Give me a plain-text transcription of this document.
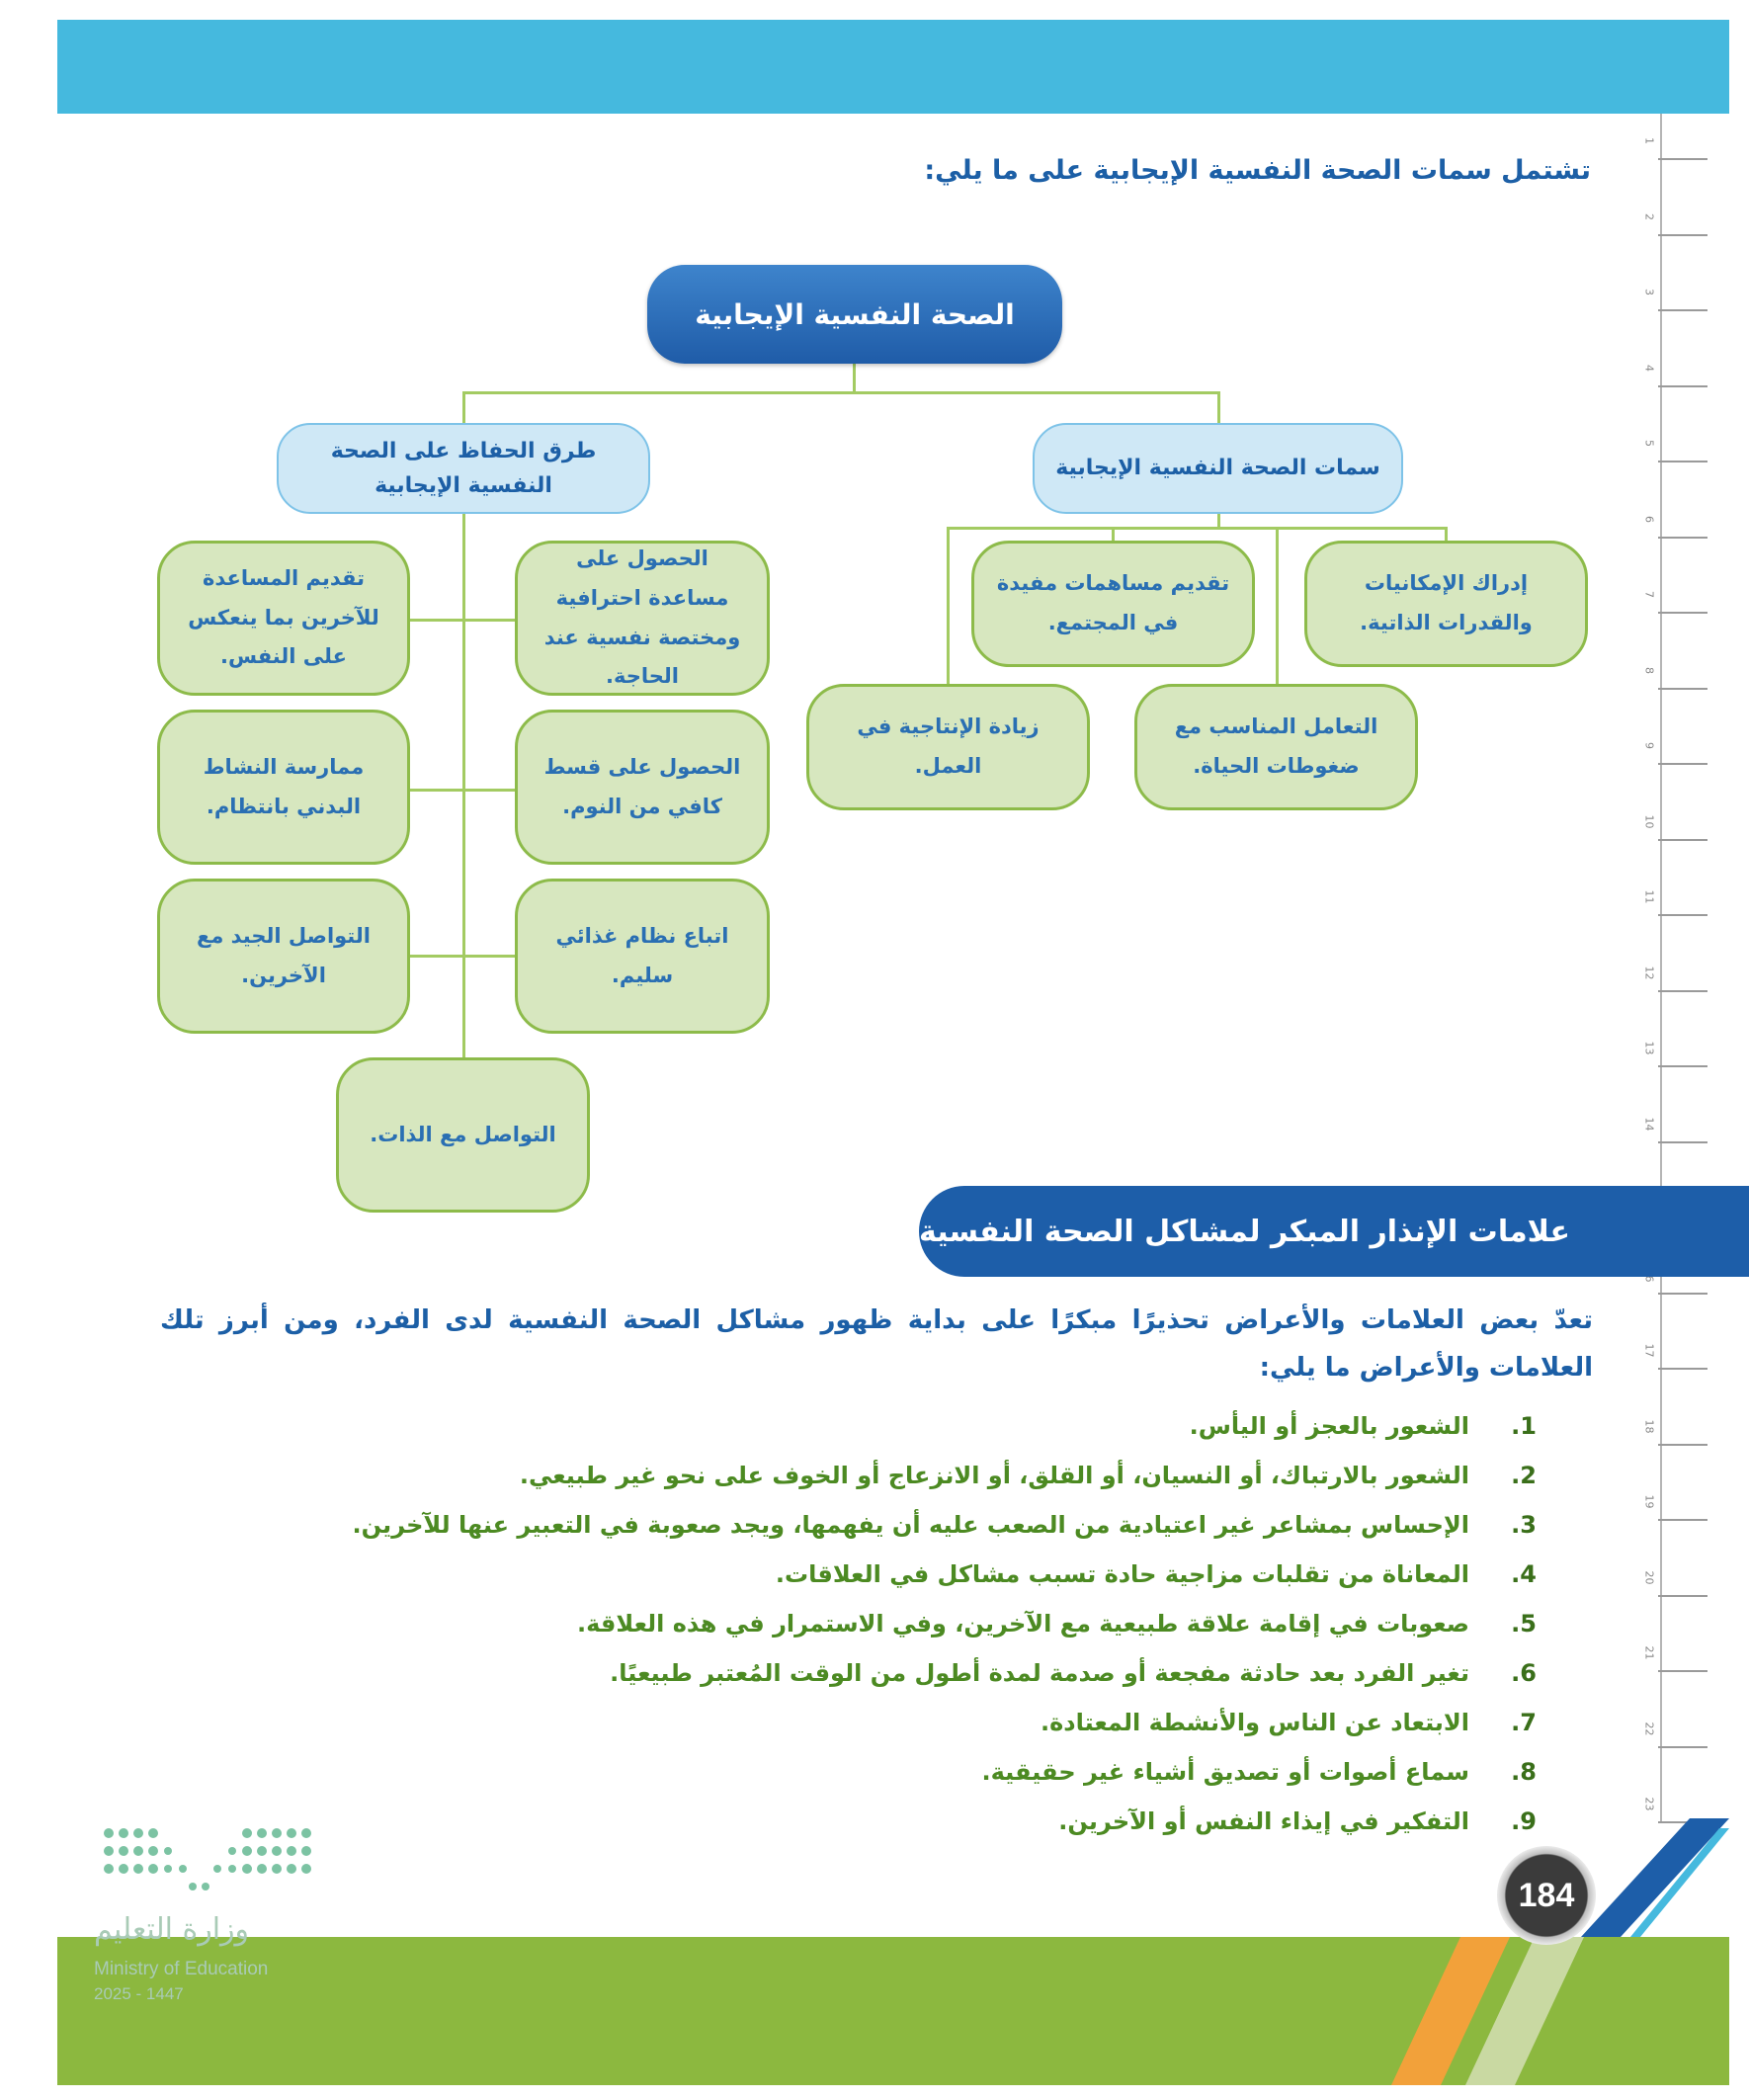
1
2
3
4
5
6
7
8
9
10
11
12
13
14
17
18
19
20
21
22
23
تشتمل سمات الصحة النفسية الإيجابية على ما يلي:
الصحة النفسية الإيجابية
سمات الصحة النفسية الإيجابية
طرق الحفاظ على الصحة النفسية الإيجابية
إدراك الإمكانيات والقدرات الذاتية.
تقديم مساهمات مفيدة في المجتمع.
التعامل المناسب مع ضغوطات الحياة.
زيادة الإنتاجية في العمل.
الحصول على مساعدة احترافية ومختصة نفسية عند الحاجة.
تقديم المساعدة للآخرين بما ينعكس على النفس.
الحصول على قسط كافي من النوم.
ممارسة النشاط البدني بانتظام.
اتباع نظام غذائي سليم.
التواصل الجيد مع الآخرين.
التواصل مع الذات.
علامات الإنذار المبكر لمشاكل الصحة النفسية
تعدّ بعض العلامات والأعراض تحذيرًا مبكرًا على بداية ظهور مشاكل الصحة النفسية لدى الفرد، ومن أبرز تلك العلامات والأعراض ما يلي:
1.
الشعور بالعجز أو اليأس.
2.
الشعور بالارتباك، أو النسيان، أو القلق، أو الانزعاج أو الخوف على نحو غير طبيعي.
3.
الإحساس بمشاعر غير اعتيادية من الصعب عليه أن يفهمها، ويجد صعوبة في التعبير عنها للآخرين.
4.
المعاناة من تقلبات مزاجية حادة تسبب مشاكل في العلاقات.
5.
صعوبات في إقامة علاقة طبيعية مع الآخرين، وفي الاستمرار في هذه العلاقة.
6.
تغير الفرد بعد حادثة مفجعة أو صدمة لمدة أطول من الوقت المُعتبر طبيعيًا.
7.
الابتعاد عن الناس والأنشطة المعتادة.
8.
سماع أصوات أو تصديق أشياء غير حقيقية.
9.
التفكير في إيذاء النفس أو الآخرين.
وزارة التعليم
Ministry of Education
2025 - 1447
184
